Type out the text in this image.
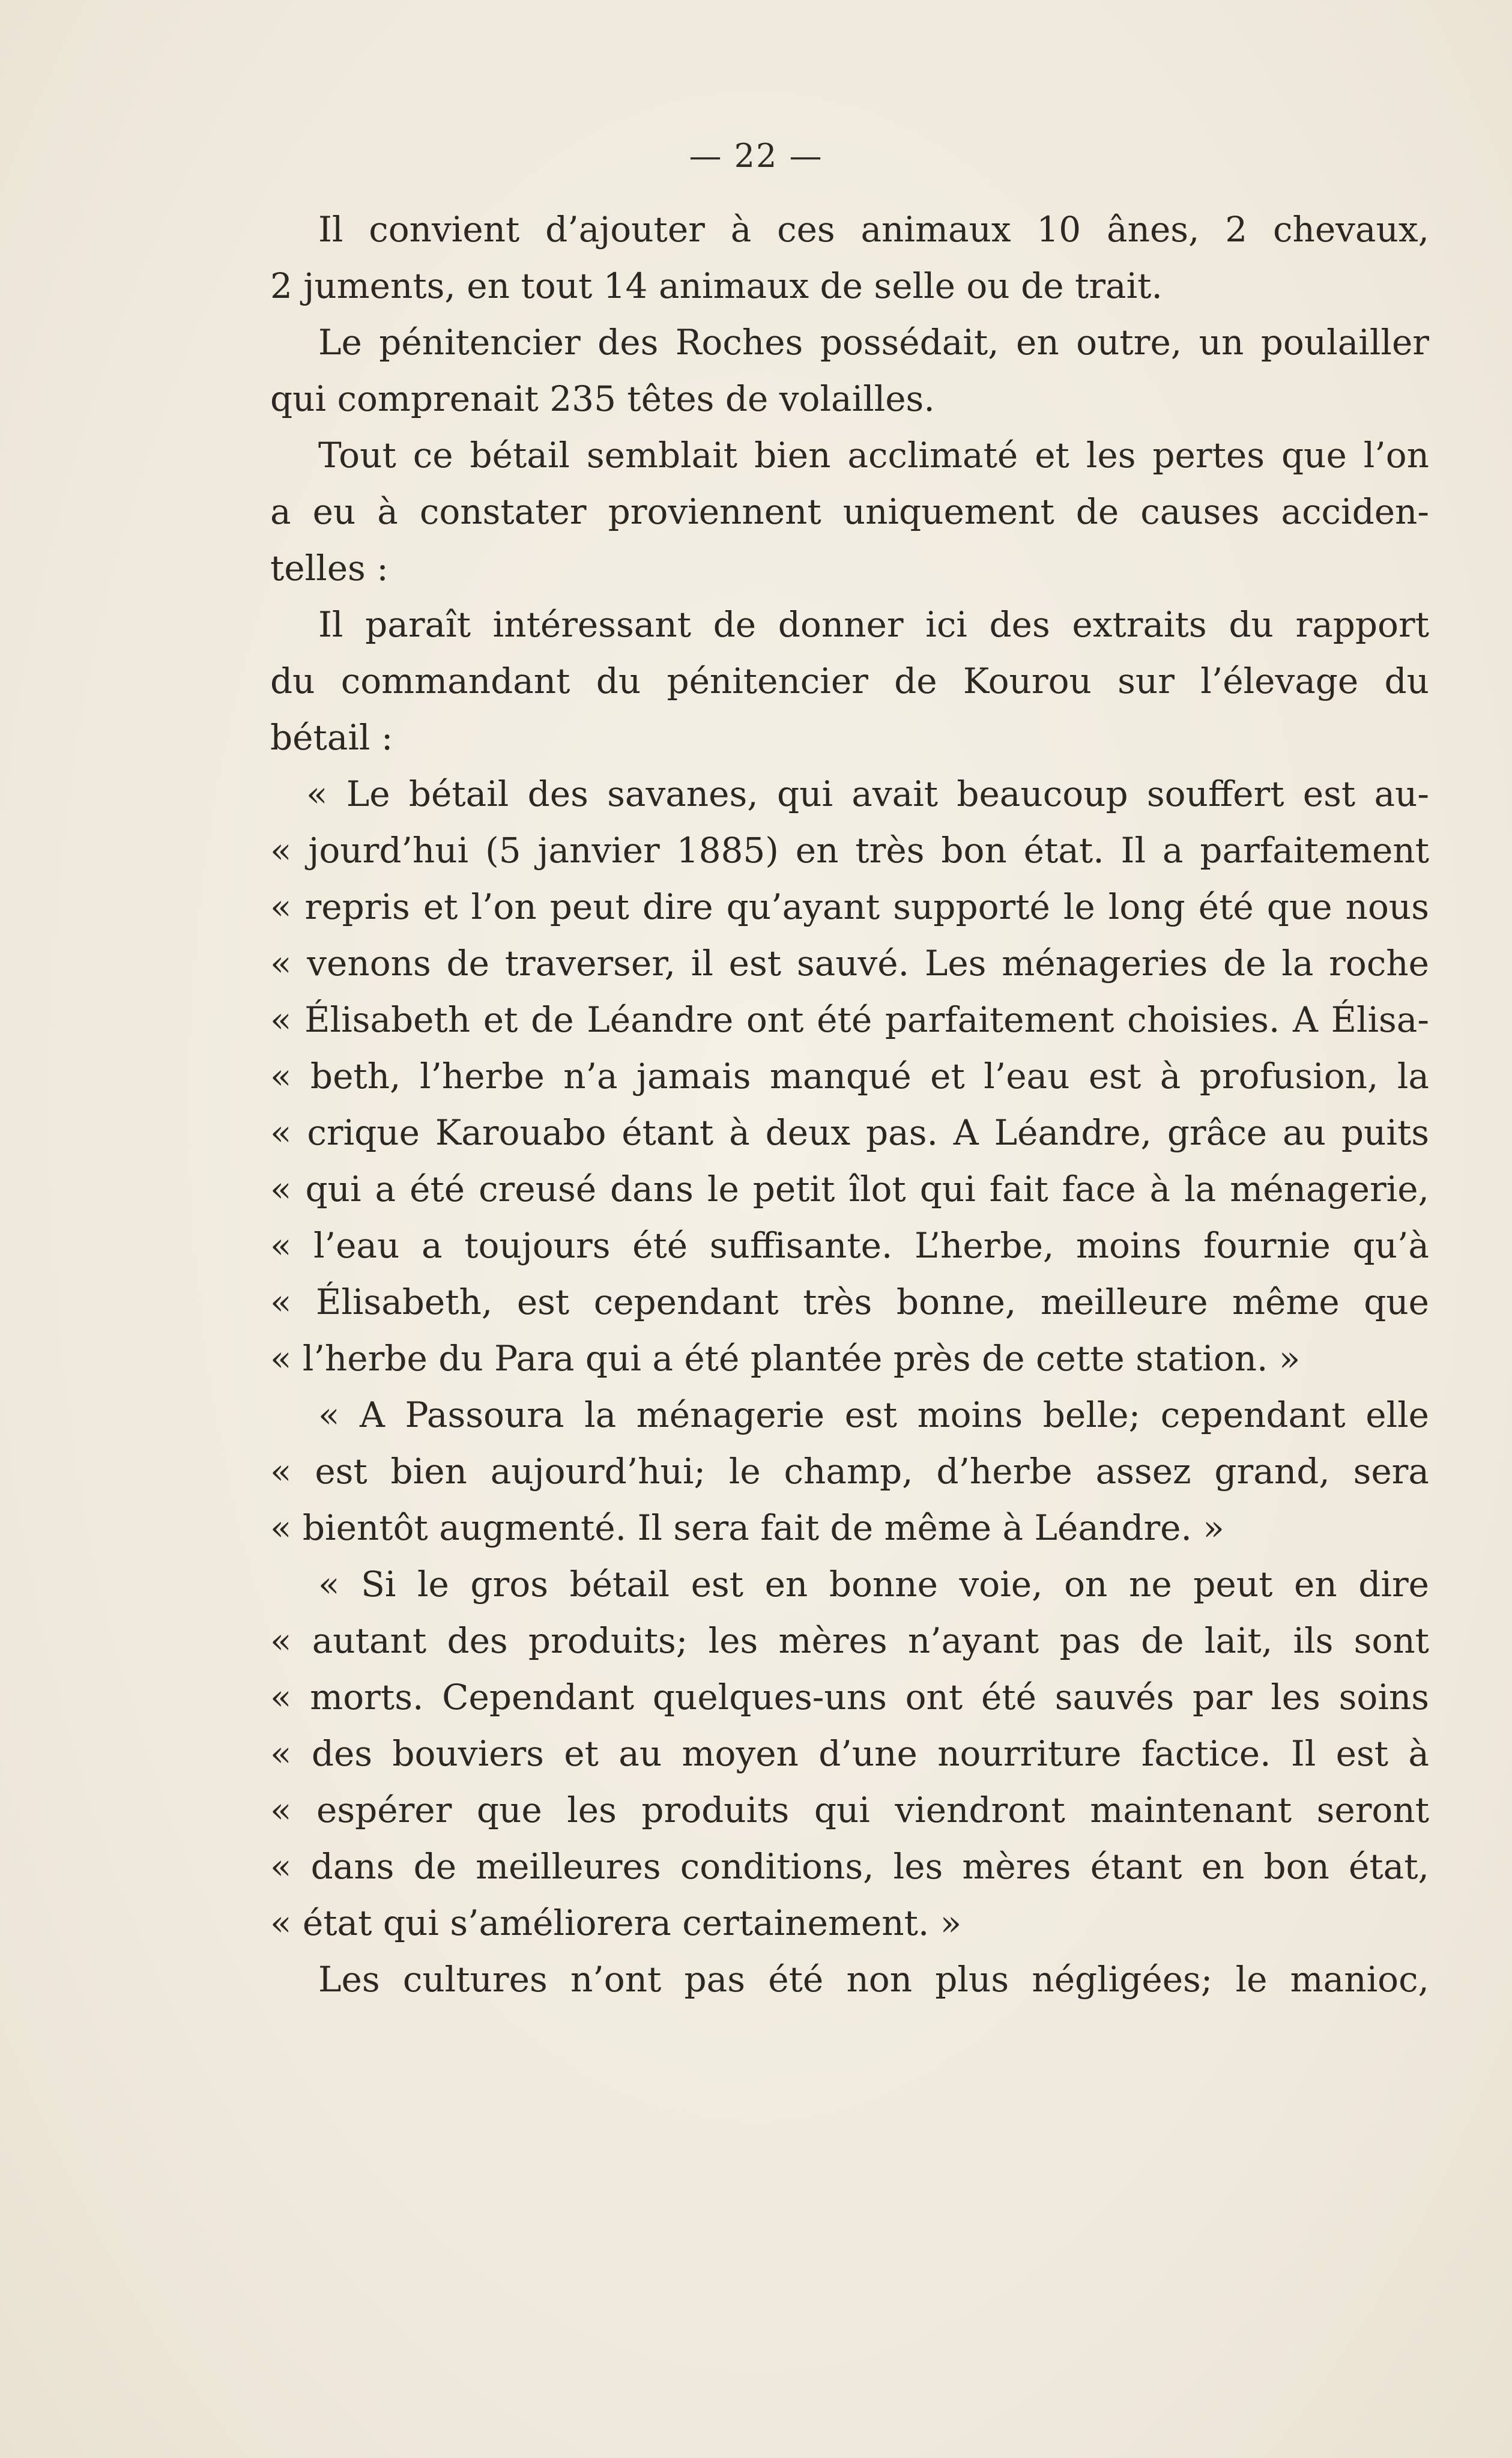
— 22 —
Il convient d’ajouter à ces animaux 10 ânes, 2 chevaux,
2 juments, en tout 14 animaux de selle ou de trait.
Le pénitencier des Roches possédait, en outre, un poulailler
qui comprenait 235 têtes de volailles.
Tout ce bétail semblait bien acclimaté et les pertes que l’on
a eu à constater proviennent uniquement de causes acciden-
telles :
Il paraît intéressant de donner ici des extraits du rapport
du commandant du pénitencier de Kourou sur l’élevage du
bétail :
« Le bétail des savanes, qui avait beaucoup souffert est au-
« jourd’hui (5 janvier 1885) en très bon état. Il a parfaitement
« repris et l’on peut dire qu’ayant supporté le long été que nous
« venons de traverser, il est sauvé. Les ménageries de la roche
« Élisabeth et de Léandre ont été parfaitement choisies. A Élisa-
« beth, l’herbe n’a jamais manqué et l’eau est à profusion, la
« crique Karouabo étant à deux pas. A Léandre, grâce au puits
« qui a été creusé dans le petit îlot qui fait face à la ménagerie,
« l’eau a toujours été suffisante. L’herbe, moins fournie qu’à
« Élisabeth, est cependant très bonne, meilleure même que
« l’herbe du Para qui a été plantée près de cette station. »
« A Passoura la ménagerie est moins belle; cependant elle
« est bien aujourd’hui; le champ, d’herbe assez grand, sera
« bientôt augmenté. Il sera fait de même à Léandre. »
« Si le gros bétail est en bonne voie, on ne peut en dire
« autant des produits; les mères n’ayant pas de lait, ils sont
« morts. Cependant quelques-uns ont été sauvés par les soins
« des bouviers et au moyen d’une nourriture factice. Il est à
« espérer que les produits qui viendront maintenant seront
« dans de meilleures conditions, les mères étant en bon état,
« état qui s’améliorera certainement. »
Les cultures n’ont pas été non plus négligées; le manioc,
